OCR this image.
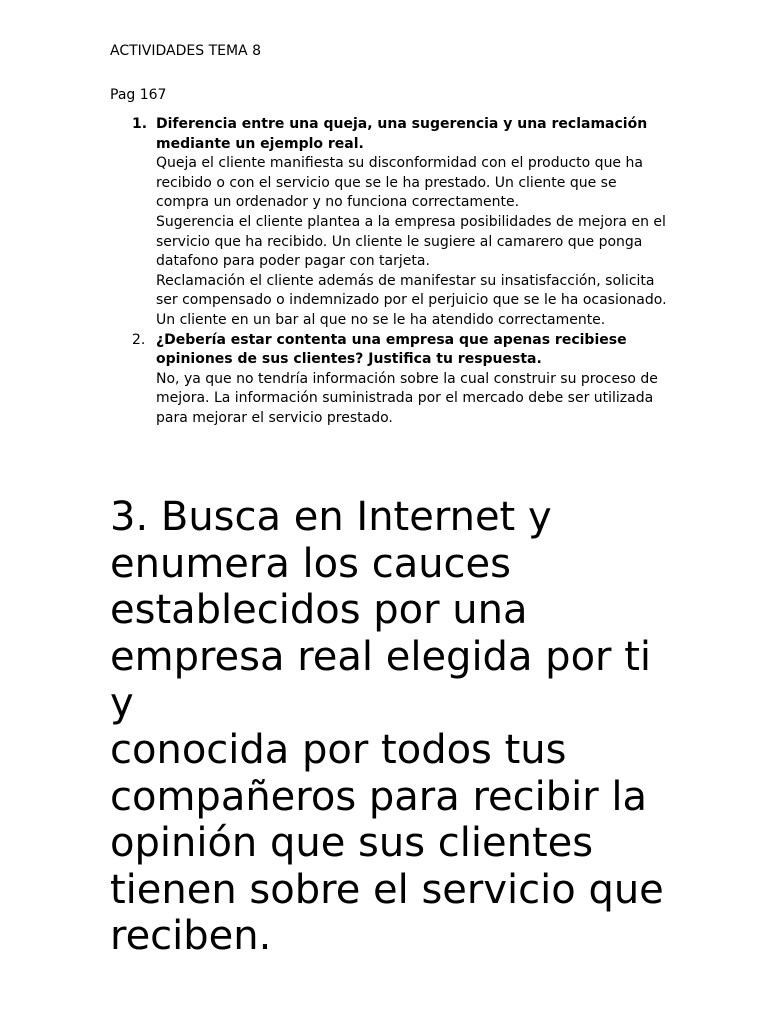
ACTIVIDADES TEMA 8
Pag 167
1. Diferencia entre una queja, una sugerencia y una reclamación mediante un ejemplo real.

Queja el cliente manifiesta su disconformidad con el producto que ha recibido o con el servicio que se le ha prestado. Un cliente que se compra un ordenador y no funciona correctamente.

Sugerencia el cliente plantea a la empresa posibilidades de mejora en el servicio que ha recibido. Un cliente le sugiere al camarero que ponga datafono para poder pagar con tarjeta.

Reclamación el cliente además de manifestar su insatisfacción, solicita ser compensado o indemnizado por el perjuicio que se le ha ocasionado. Un cliente en un bar al que no se le ha atendido correctamente.

2. ¿Debería estar contenta una empresa que apenas recibiese opiniones de sus clientes? Justifica tu respuesta.

No, ya que no tendría información sobre la cual construir su proceso de mejora. La información suministrada por el mercado debe ser utilizada para mejorar el servicio prestado.

3. Busca en Internet y enumera los cauces establecidos por una empresa real elegida por ti y
conocida por todos tus compañeros para recibir la opinión que sus clientes tienen sobre el servicio que reciben.
